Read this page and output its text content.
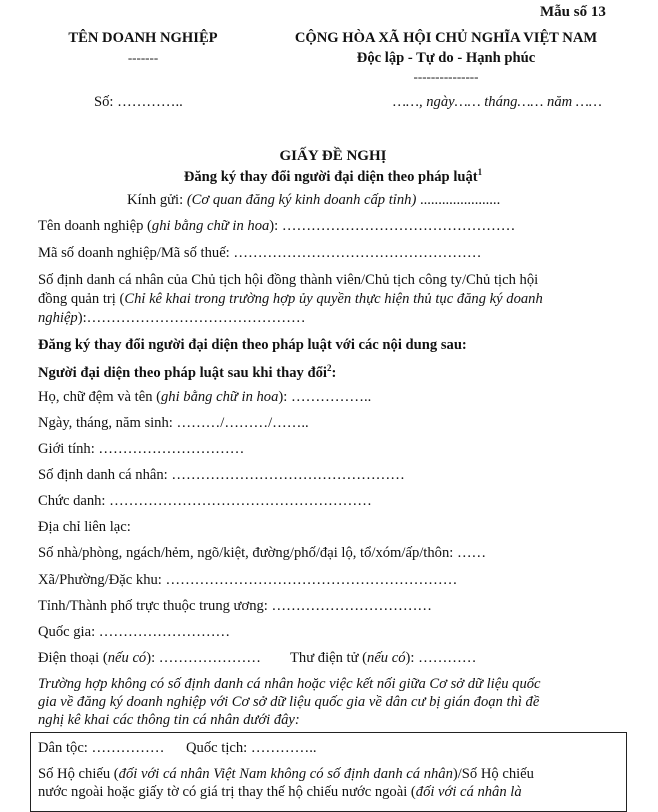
Mẫu số 13
TÊN DOANH NGHIỆP
-------
CỘNG HÒA XÃ HỘI CHỦ NGHĨA VIỆT NAM
Độc lập - Tự do - Hạnh phúc
---------------
Số: …………..	……, ngày…… tháng…… năm ……
GIẤY ĐỀ NGHỊ
Đăng ký thay đổi người đại diện theo pháp luật$^1$
Kính gửi: (Cơ quan đăng ký kinh doanh cấp tỉnh) ......................
Tên doanh nghiệp (ghi bằng chữ in hoa): …………………………………………
Mã số doanh nghiệp/Mã số thuế: ……………………………………………
Số định danh cá nhân của Chủ tịch hội đồng thành viên/Chủ tịch công ty/Chủ tịch hội
đồng quản trị (Chỉ kê khai trong trường hợp ủy quyền thực hiện thủ tục đăng ký doanh
nghiệp):………………………………………
Đăng ký thay đổi người đại diện theo pháp luật với các nội dung sau:
Người đại diện theo pháp luật sau khi thay đổi$^2$:
Họ, chữ đệm và tên (ghi bằng chữ in hoa): ……………..
Ngày, tháng, năm sinh: ………/………/……..
Giới tính: …………………………
Số định danh cá nhân: …………………………………………
Chức danh: ………………………………………………
Địa chỉ liên lạc:
Số nhà/phòng, ngách/hẻm, ngõ/kiệt, đường/phố/đại lộ, tổ/xóm/ấp/thôn: ……
Xã/Phường/Đặc khu: ……………………………………………………
Tỉnh/Thành phố trực thuộc trung ương: ……………………………
Quốc gia: ………………………
Điện thoại (nếu có): ………………… Thư điện tử (nếu có): …………
Trường hợp không có số định danh cá nhân hoặc việc kết nối giữa Cơ sở dữ liệu quốc
gia về đăng ký doanh nghiệp với Cơ sở dữ liệu quốc gia về dân cư bị gián đoạn thì đề
nghị kê khai các thông tin cá nhân dưới đây:
Dân tộc: …………… Quốc tịch: …………..
Số Hộ chiếu (đối với cá nhân Việt Nam không có số định danh cá nhân)/Số Hộ chiếu
nước ngoài hoặc giấy tờ có giá trị thay thế hộ chiếu nước ngoài (đối với cá nhân là
